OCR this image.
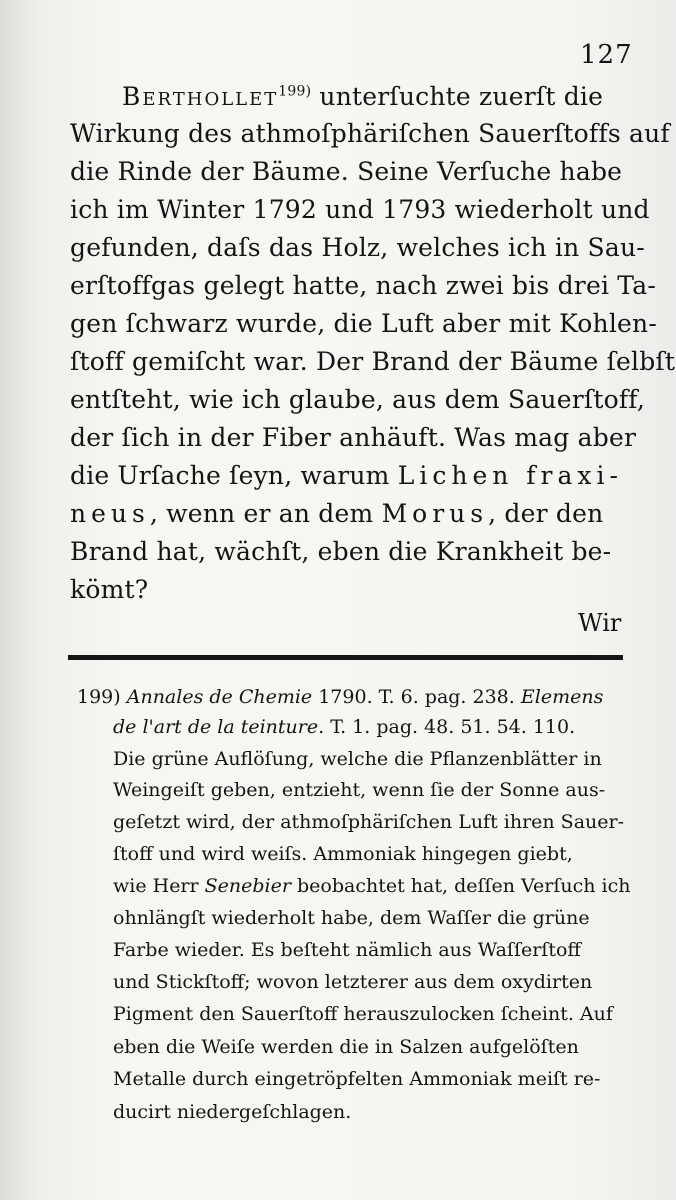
127
Berthollet$^{199)}$ unterſuchte zuerſt die
Wirkung des athmoſphäriſchen Sauerſtoffs auf
die Rinde der Bäume. Seine Verſuche habe
ich im Winter 1792 und 1793 wiederholt und
gefunden, daſs das Holz, welches ich in Sau-
erſtoffgas gelegt hatte, nach zwei bis drei Ta-
gen ſchwarz wurde, die Luft aber mit Kohlen-
ſtoff gemiſcht war. Der Brand der Bäume ſelbſt
entſteht, wie ich glaube, aus dem Sauerſtoff,
der ſich in der Fiber anhäuft. Was mag aber
die Urſache ſeyn, warum Lichen fraxi-
neus, wenn er an dem Morus, der den
Brand hat, wächſt, eben die Krankheit be-
kömt?
Wir
199) Annales de Chemie 1790. T. 6. pag. 238. Elemens
de l'art de la teinture. T. 1. pag. 48. 51. 54. 110.
Die grüne Auflöſung, welche die Pflanzenblätter in
Weingeiſt geben, entzieht, wenn ſie der Sonne aus-
geſetzt wird, der athmoſphäriſchen Luft ihren Sauer-
ſtoff und wird weiſs. Ammoniak hingegen giebt,
wie Herr Senebier beobachtet hat, deſſen Verſuch ich
ohnlängſt wiederholt habe, dem Waſſer die grüne
Farbe wieder. Es beſteht nämlich aus Waſſerſtoff
und Stickſtoff; wovon letzterer aus dem oxydirten
Pigment den Sauerſtoff herauszulocken ſcheint. Auf
eben die Weiſe werden die in Salzen aufgelöſten
Metalle durch eingetröpfelten Ammoniak meiſt re-
ducirt niedergeſchlagen.
